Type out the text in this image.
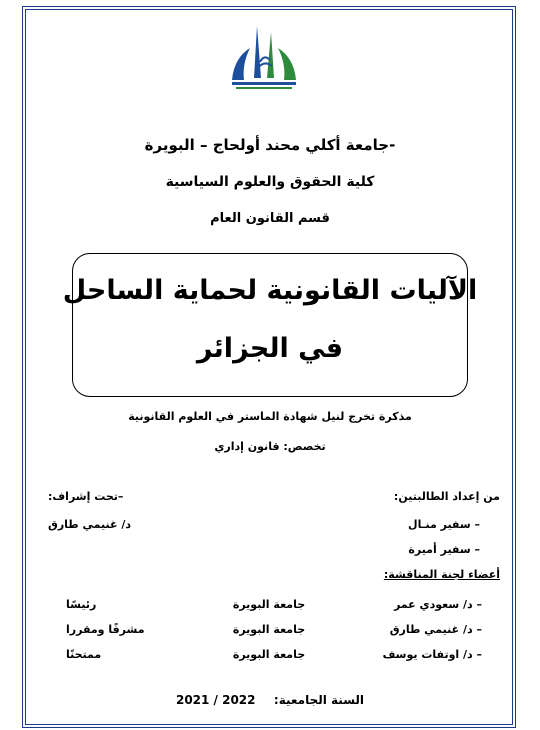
جامعة أكلي محند أولحاج – البويرة-
كلية الحقوق والعلوم السياسية
قسم القانون العام
الآليات القانونية لحماية الساحل
في الجزائر
مذكرة تخرج لنيل شهادة الماستر في العلوم القانونية
تخصص: قانون إداري
من إعداد الطالبتين:
– سفير منـال
– سفير أميرة
–تحت إشراف:
د/ غنيمي طارق
أعضاء لجنة المناقشة:
– د/ سعودي عمر
جامعة البويرة
رئيسًا
– د/ غنيمي طارق
جامعة البويرة
مشرفًا ومقررا
– د/ اوتفات يوسف
جامعة البويرة
ممتحنًا
السنة الجامعية:  2021 / 2022
